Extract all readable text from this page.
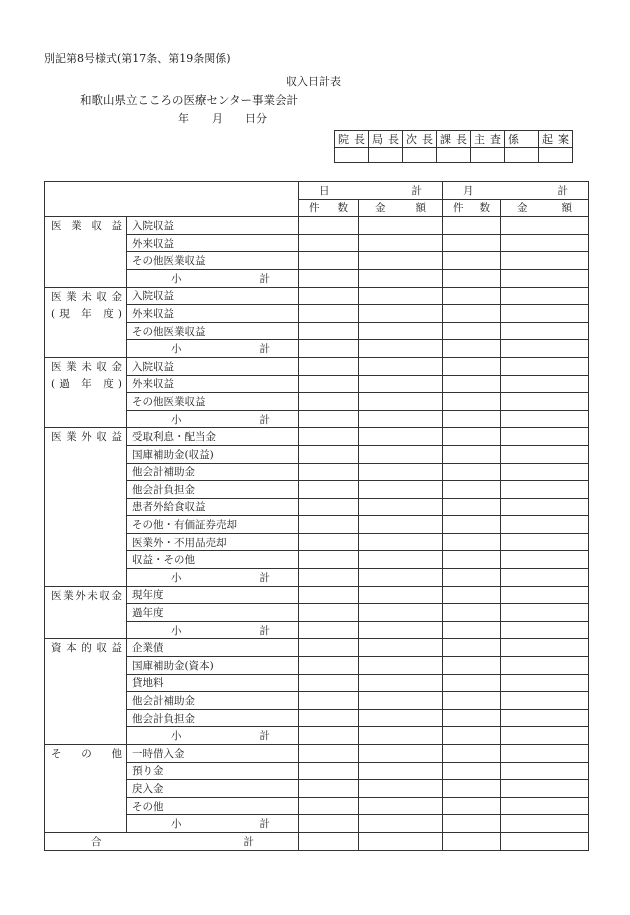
別記第8号様式(第17条、第19条関係)
収入日計表
和歌山県立こころの医療センター事業会計
年 月 日分
院 長	局 長	次 長	課 長	主 査	係	起 案

		日 計		月 計	
		件 数	金 額	件 数	金 額

医 業 収 益	入院収益				
	外来収益				
	その他医業収益				
	小 計				

医業未収金
(現 年 度)	入院収益				
	外来収益				
	その他医業収益				
	小 計				

医業未収金
(過 年 度)	入院収益				
	外来収益				
	その他医業収益				
	小 計				

医業外収益	受取利息・配当金				
	国庫補助金(収益)				
	他会計補助金				
	他会計負担金				
	患者外給食収益				
	その他・有価証券売却				
	医業外・不用品売却				
	収益・その他				
	小 計				

医業外未収金	現年度				
	過年度				
	小 計				

資本的収益	企業債				
	国庫補助金(資本)				
	貸地料				
	他会計補助金				
	他会計負担金				
	小 計				

そ の 他	一時借入金				
	預り金				
	戻入金				
	その他				
	小 計				
合 計					
